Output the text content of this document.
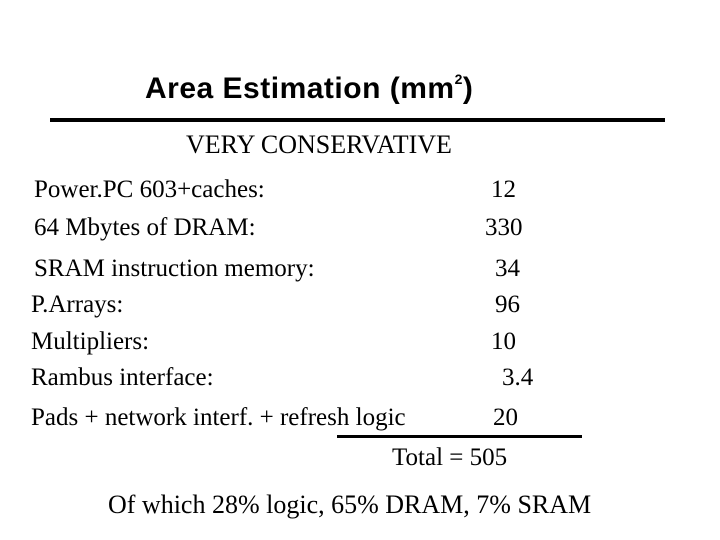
Area Estimation $(mm^2)$
VERY CONSERVATIVE
Power.PC 603+caches:	12
64 Mbytes of DRAM:	330
SRAM instruction memory:	34
P.Arrays:	96
Multipliers:	10
Rambus interface:	3.4
Pads + network interf. + refresh logic	20
Total = 505
Of which 28% logic, 65% DRAM, 7% SRAM
